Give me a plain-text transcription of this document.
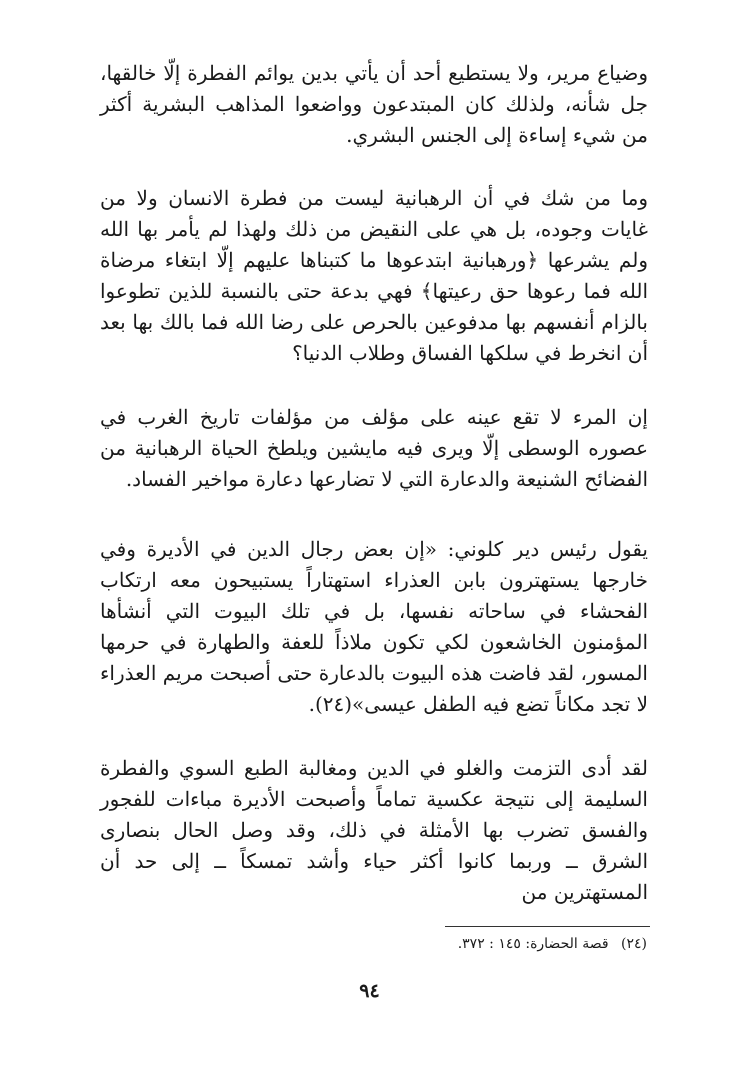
وضياع مرير، ولا يستطيع أحد أن يأتي بدين يوائم الفطرة إلّا خالقها، جل شأنه، ولذلك كان المبتدعون وواضعوا المذاهب البشرية أكثر من شيء إساءة إلى الجنس البشري.

وما من شك في أن الرهبانية ليست من فطرة الانسان ولا من غايات وجوده، بل هي على النقيض من ذلك ولهذا لم يأمر بها الله ولم يشرعها ﴿ورهبانية ابتدعوها ما كتبناها عليهم إلّا ابتغاء مرضاة الله فما رعوها حق رعيتها﴾ فهي بدعة حتى بالنسبة للذين تطوعوا بالزام أنفسهم بها مدفوعين بالحرص على رضا الله فما بالك بها بعد أن انخرط في سلكها الفساق وطلاب الدنيا؟

إن المرء لا تقع عينه على مؤلف من مؤلفات تاريخ الغرب في عصوره الوسطى إلّا ويرى فيه مايشين ويلطخ الحياة الرهبانية من الفضائح الشنيعة والدعارة التي لا تضارعها دعارة مواخير الفساد.

يقول رئيس دير كلوني: «إن بعض رجال الدين في الأديرة وفي خارجها يستهترون بابن العذراء استهتاراً يستبيحون معه ارتكاب الفحشاء في ساحاته نفسها، بل في تلك البيوت التي أنشأها المؤمنون الخاشعون لكي تكون ملاذاً للعفة والطهارة في حرمها المسور، لقد فاضت هذه البيوت بالدعارة حتى أصبحت مريم العذراء لا تجد مكاناً تضع فيه الطفل عيسى»(٢٤).

لقد أدى التزمت والغلو في الدين ومغالبة الطبع السوي والفطرة السليمة إلى نتيجة عكسية تماماً وأصبحت الأديرة مباءات للفجور والفسق تضرب بها الأمثلة في ذلك، وقد وصل الحال بنصارى الشرق ــ وربما كانوا أكثر حياء وأشد تمسكاً ــ إلى حد أن المستهترين من

(٢٤) قصة الحضارة: ١٤٥ : ٣٧٢.
٩٤
